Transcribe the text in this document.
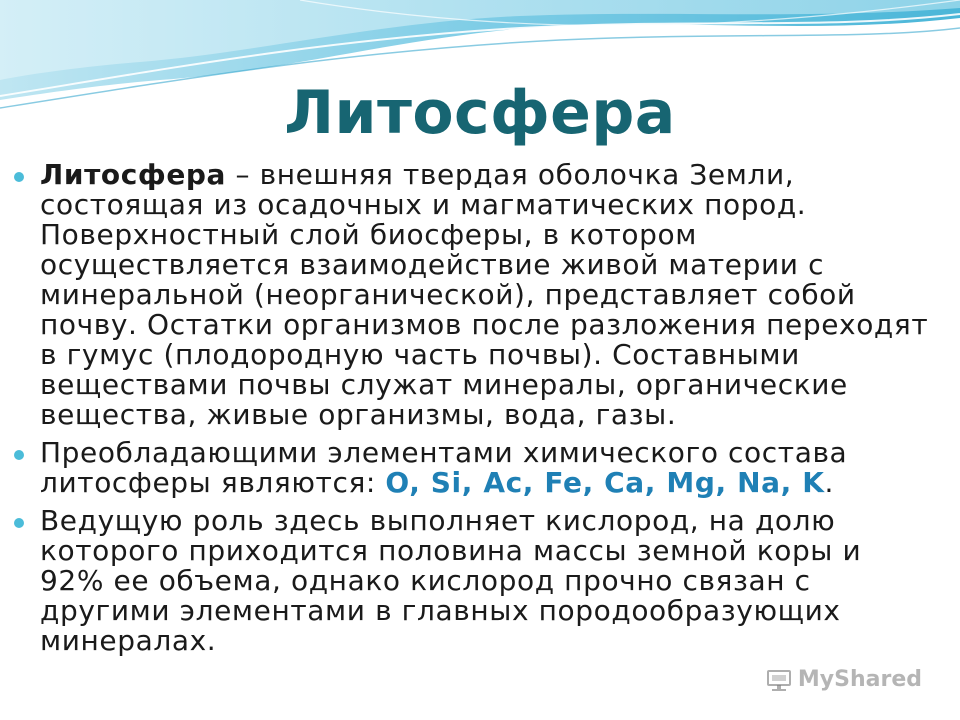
Литосфера
Литосфера – внешняя твердая оболочка Земли, состоящая из осадочных и магматических пород. Поверхностный слой биосферы, в котором осуществляется взаимодействие живой материи с минеральной (неорганической), представляет собой почву. Остатки организмов после разложения переходят в гумус (плодородную часть почвы). Составными веществами почвы служат минералы, органические вещества, живые организмы, вода, газы.
Преобладающими элементами химического состава литосферы являются: O, Si, Ac, Fe, Ca, Mg, Na, K.
Ведущую роль здесь выполняет кислород, на долю которого приходится половина массы земной коры и 92% ее объема, однако кислород прочно связан с другими элементами в главных породообразующих минералах.
MyShared
